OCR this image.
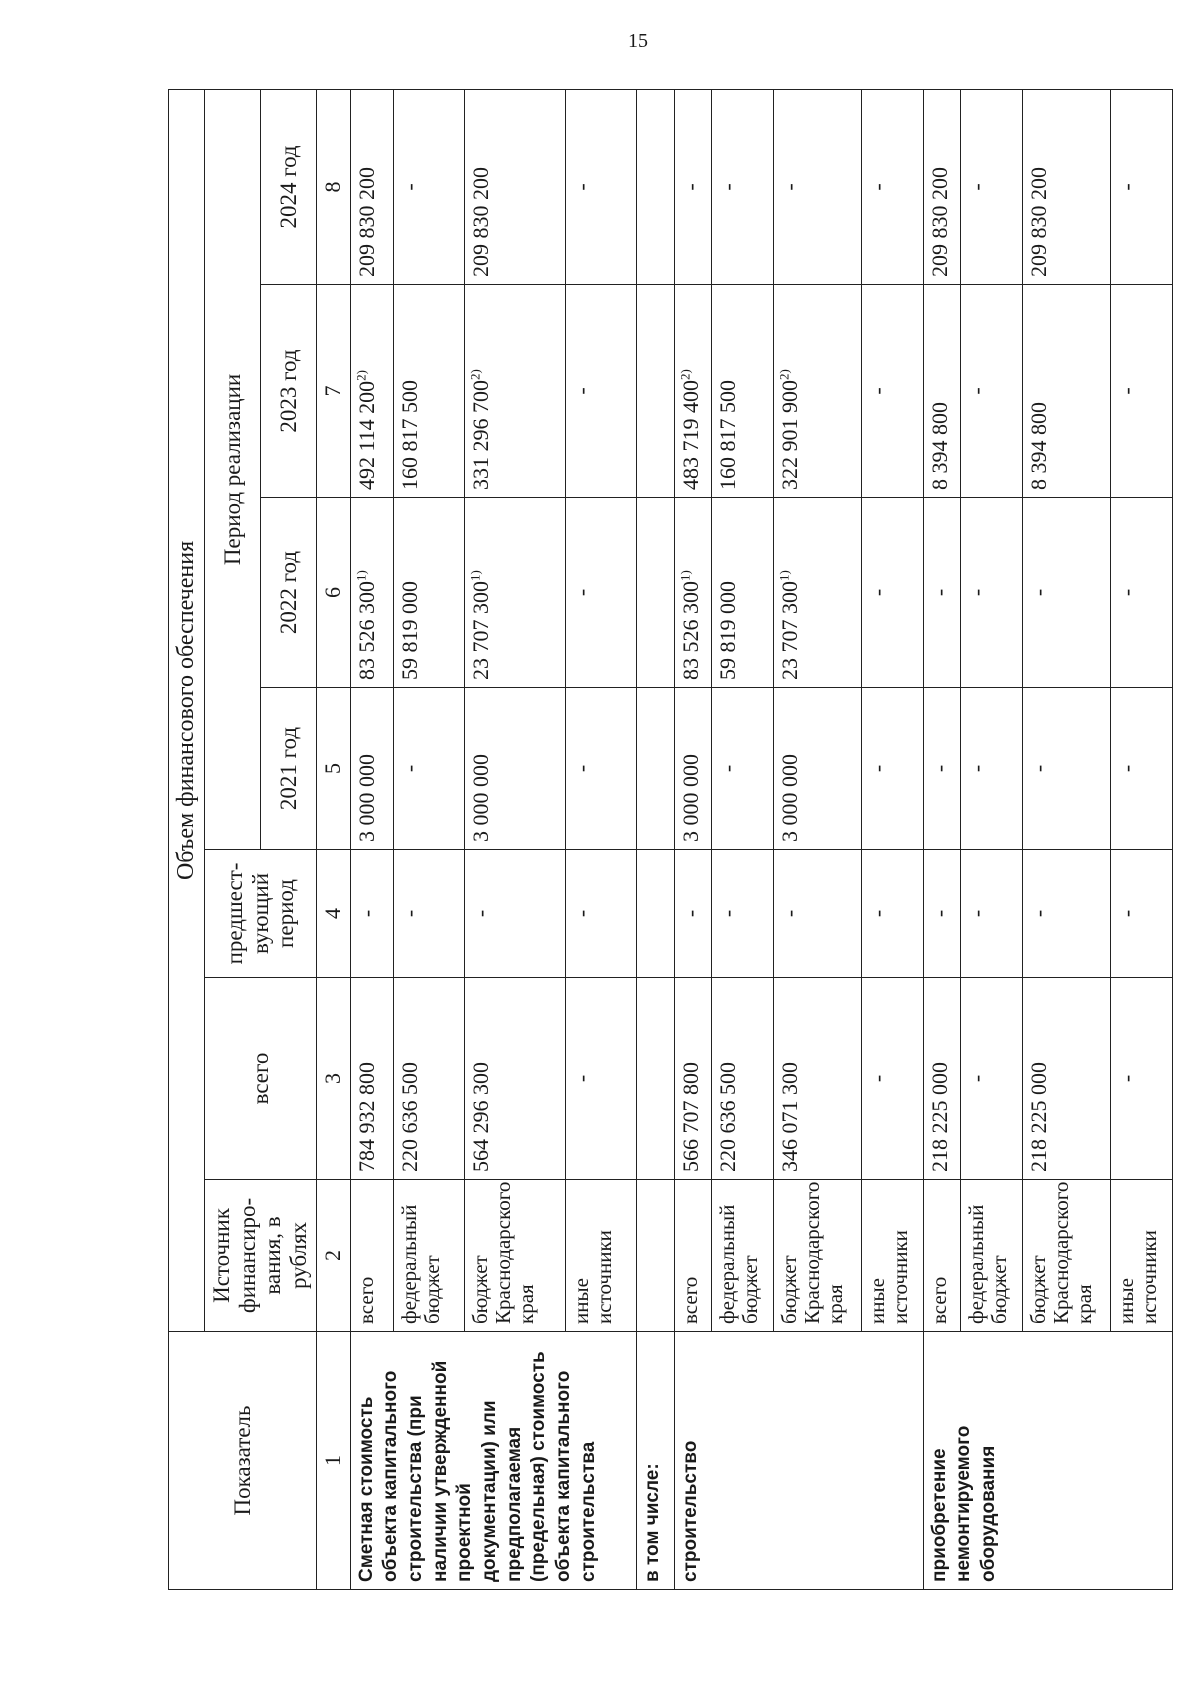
15
Показатель	Объем финансового обеспечения						
	Источник финансиро-вания, в рублях	всего	предшест-вующий период	Период реализации			
				2021 год	2022 год	2023 год	2024 год
1	2	3	4	5	6	7	8
Сметная стоимость объекта капитального строительства (при наличии утвержденной проектной документации) или предполагаемая (предельная) стоимость объекта капитального строительства	всего	784 932 800	-	3 000 000	83 526 300$^{1)}$	492 114 200$^{2)}$	209 830 200
	федеральный бюджет	220 636 500	-	-	59 819 000	160 817 500	-
	бюджет Краснодарского края	564 296 300	-	3 000 000	23 707 300$^{1)}$	331 296 700$^{2)}$	209 830 200
	иные источники	-	-	-	-	-	-
в том числе:							
строительство	всего	566 707 800	-	3 000 000	83 526 300$^{1)}$	483 719 400$^{2)}$	-
	федеральный бюджет	220 636 500	-	-	59 819 000	160 817 500	-
	бюджет Краснодарского края	346 071 300	-	3 000 000	23 707 300$^{1)}$	322 901 900$^{2)}$	-
	иные источники	-	-	-	-	-	-
приобретение немонтируемого оборудования	всего	218 225 000	-	-	-	8 394 800	209 830 200
	федеральный бюджет	-	-	-	-	-	-
	бюджет Краснодарского края	218 225 000	-	-	-	8 394 800	209 830 200
	иные источники	-	-	-	-	-	-
